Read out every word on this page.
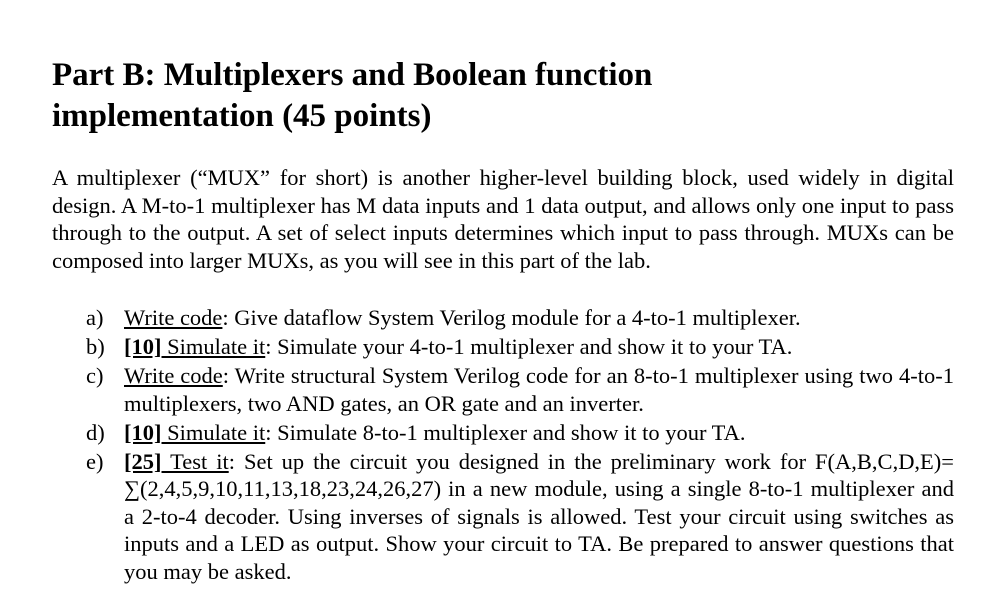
Part B: Multiplexers and Boolean function
implementation (45 points)

A multiplexer (“MUX” for short) is another higher-level building block, used widely in digital design. A M-to-1 multiplexer has M data inputs and 1 data output, and allows only one input to pass through to the output. A set of select inputs determines which input to pass through. MUXs can be composed into larger MUXs, as you will see in this part of the lab.

a) Write code: Give dataflow System Verilog module for a 4-to-1 multiplexer.
b) [10] Simulate it: Simulate your 4-to-1 multiplexer and show it to your TA.
c) Write code: Write structural System Verilog code for an 8-to-1 multiplexer using two 4-to-1 multiplexers, two AND gates, an OR gate and an inverter.
d) [10] Simulate it: Simulate 8-to-1 multiplexer and show it to your TA.
e) [25] Test it: Set up the circuit you designed in the preliminary work for F(A,B,C,D,E)= ∑(2,4,5,9,10,11,13,18,23,24,26,27) in a new module, using a single 8-to-1 multiplexer and a 2-to-4 decoder. Using inverses of signals is allowed. Test your circuit using switches as inputs and a LED as output. Show your circuit to TA. Be prepared to answer questions that you may be asked.
